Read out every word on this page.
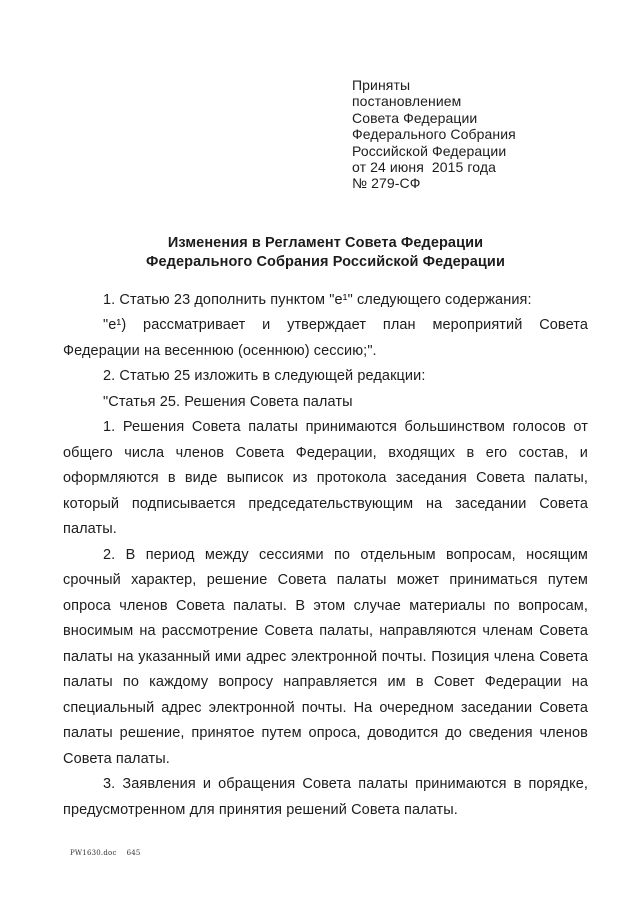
Приняты
постановлением
Совета Федерации
Федерального Собрания
Российской Федерации
от 24 июня  2015 года
№ 279-СФ
Изменения в Регламент Совета Федерации
Федерального Собрания Российской Федерации

1. Статью 23 дополнить пунктом "е¹" следующего содержания:

"е¹) рассматривает и утверждает план мероприятий Совета Федерации на весеннюю (осеннюю) сессию;".

2. Статью 25 изложить в следующей редакции:

"Статья 25. Решения Совета палаты

1. Решения Совета палаты принимаются большинством голосов от общего числа членов Совета Федерации, входящих в его состав, и оформляются в виде выписок из протокола заседания Совета палаты, который подписывается председательствующим на заседании Совета палаты.

2. В период между сессиями по отдельным вопросам, носящим срочный характер, решение Совета палаты может приниматься путем опроса членов Совета палаты. В этом случае материалы по вопросам, вносимым на рассмотрение Совета палаты, направляются членам Совета палаты на указанный ими адрес электронной почты. Позиция члена Совета палаты по каждому вопросу направляется им в Совет Федерации на специальный адрес электронной почты. На очередном заседании Совета палаты решение, принятое путем опроса, доводится до сведения членов Совета палаты.

3. Заявления и обращения Совета палаты принимаются в порядке, предусмотренном для принятия решений Совета палаты.

PW1630.doc 645
